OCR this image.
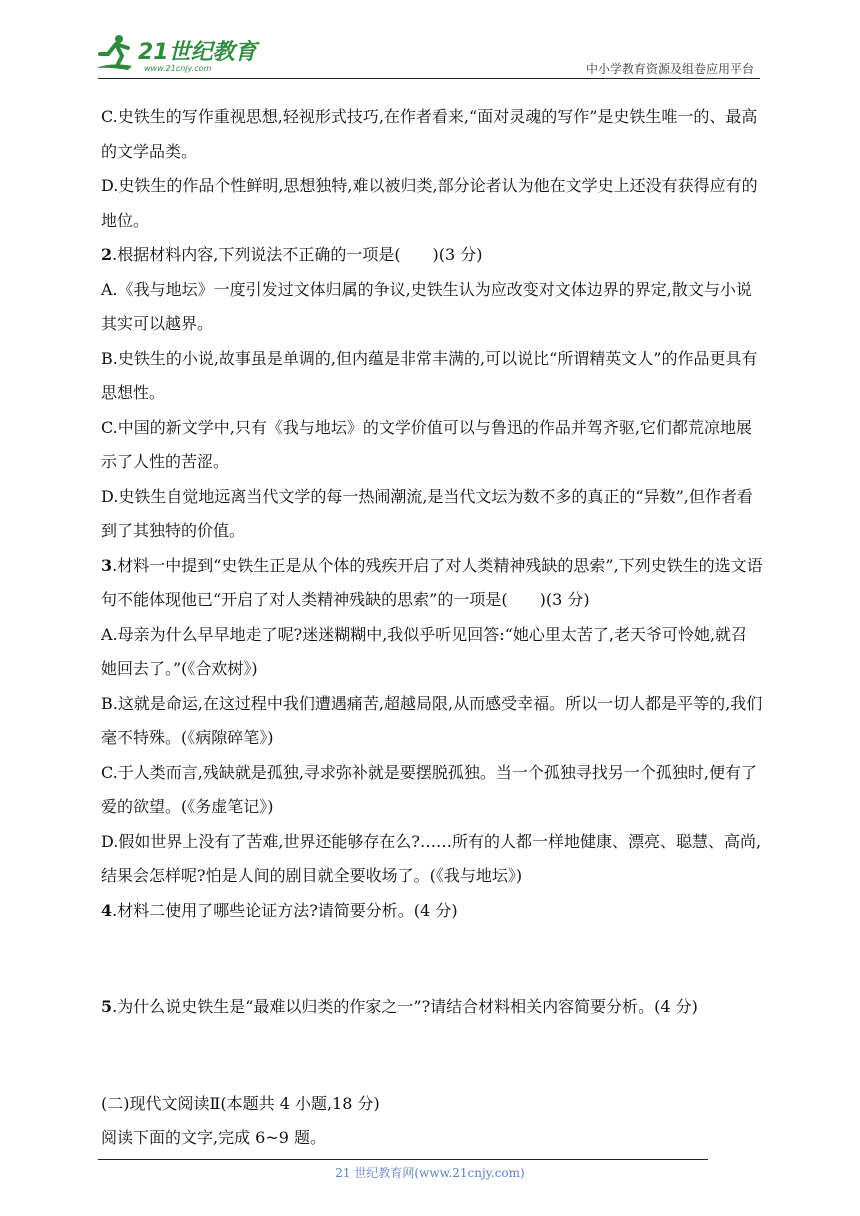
21世纪教育
www.21cnjy.com	中小学教育资源及组卷应用平台

C.史铁生的写作重视思想,轻视形式技巧,在作者看来,“面对灵魂的写作”是史铁生唯一的、最高的文学品类。

D.史铁生的作品个性鲜明,思想独特,难以被归类,部分论者认为他在文学史上还没有获得应有的地位。

2.根据材料内容,下列说法不正确的一项是(　　)(3 分)

A.《我与地坛》一度引发过文体归属的争议,史铁生认为应改变对文体边界的界定,散文与小说其实可以越界。

B.史铁生的小说,故事虽是单调的,但内蕴是非常丰满的,可以说比“所谓精英文人”的作品更具有思想性。

C.中国的新文学中,只有《我与地坛》的文学价值可以与鲁迅的作品并驾齐驱,它们都荒凉地展示了人性的苦涩。

D.史铁生自觉地远离当代文学的每一热闹潮流,是当代文坛为数不多的真正的“异数”,但作者看到了其独特的价值。

3.材料一中提到“史铁生正是从个体的残疾开启了对人类精神残缺的思索”,下列史铁生的选文语句不能体现他已“开启了对人类精神残缺的思索”的一项是(　　)(3 分)

A.母亲为什么早早地走了呢?迷迷糊糊中,我似乎听见回答:“她心里太苦了,老天爷可怜她,就召她回去了。”(《合欢树》)

B.这就是命运,在这过程中我们遭遇痛苦,超越局限,从而感受幸福。所以一切人都是平等的,我们毫不特殊。(《病隙碎笔》)

C.于人类而言,残缺就是孤独,寻求弥补就是要摆脱孤独。当一个孤独寻找另一个孤独时,便有了爱的欲望。(《务虚笔记》)

D.假如世界上没有了苦难,世界还能够存在么?……所有的人都一样地健康、漂亮、聪慧、高尚,结果会怎样呢?怕是人间的剧目就全要收场了。(《我与地坛》)

4.材料二使用了哪些论证方法?请简要分析。(4 分)

5.为什么说史铁生是“最难以归类的作家之一”?请结合材料相关内容简要分析。(4 分)

(二)现代文阅读Ⅱ(本题共 4 小题,18 分)

阅读下面的文字,完成 6~9 题。

21 世纪教育网(www.21cnjy.com)
